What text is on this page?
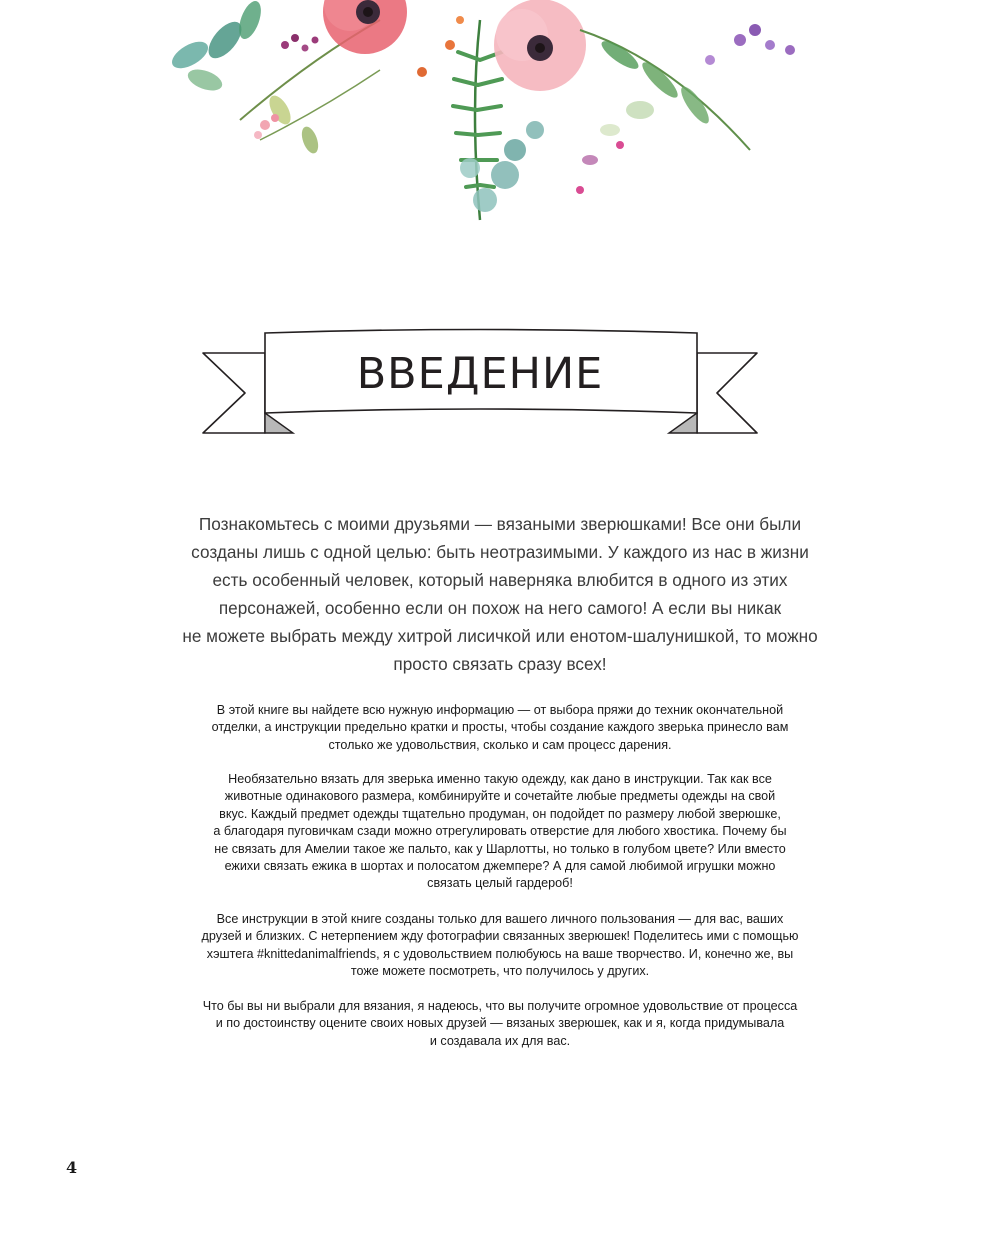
ВВЕДЕНИЕ
Познакомьтесь с моими друзьями — вязаными зверюшками! Все они были
созданы лишь с одной целью: быть неотразимыми. У каждого из нас в жизни
есть особенный человек, который наверняка влюбится в одного из этих
персонажей, особенно если он похож на него самого! А если вы никак
не можете выбрать между хитрой лисичкой или енотом-шалунишкой, то можно
просто связать сразу всех!
В этой книге вы найдете всю нужную информацию — от выбора пряжи до техник окончательной
отделки, а инструкции предельно кратки и просты, чтобы создание каждого зверька принесло вам
столько же удовольствия, сколько и сам процесс дарения.
Необязательно вязать для зверька именно такую одежду, как дано в инструкции. Так как все
животные одинакового размера, комбинируйте и сочетайте любые предметы одежды на свой
вкус. Каждый предмет одежды тщательно продуман, он подойдет по размеру любой зверюшке,
а благодаря пуговичкам сзади можно отрегулировать отверстие для любого хвостика. Почему бы
не связать для Амелии такое же пальто, как у Шарлотты, но только в голубом цвете? Или вместо
ежихи связать ежика в шортах и полосатом джемпере? А для самой любимой игрушки можно
связать целый гардероб!
Все инструкции в этой книге созданы только для вашего личного пользования — для вас, ваших
друзей и близких. С нетерпением жду фотографии связанных зверюшек! Поделитесь ими с помощью
хэштега #knittedanimalfriends, я с удовольствием полюбуюсь на ваше творчество. И, конечно же, вы
тоже можете посмотреть, что получилось у других.
Что бы вы ни выбрали для вязания, я надеюсь, что вы получите огромное удовольствие от процесса
и по достоинству оцените своих новых друзей — вязаных зверюшек, как и я, когда придумывала
и создавала их для вас.
4
